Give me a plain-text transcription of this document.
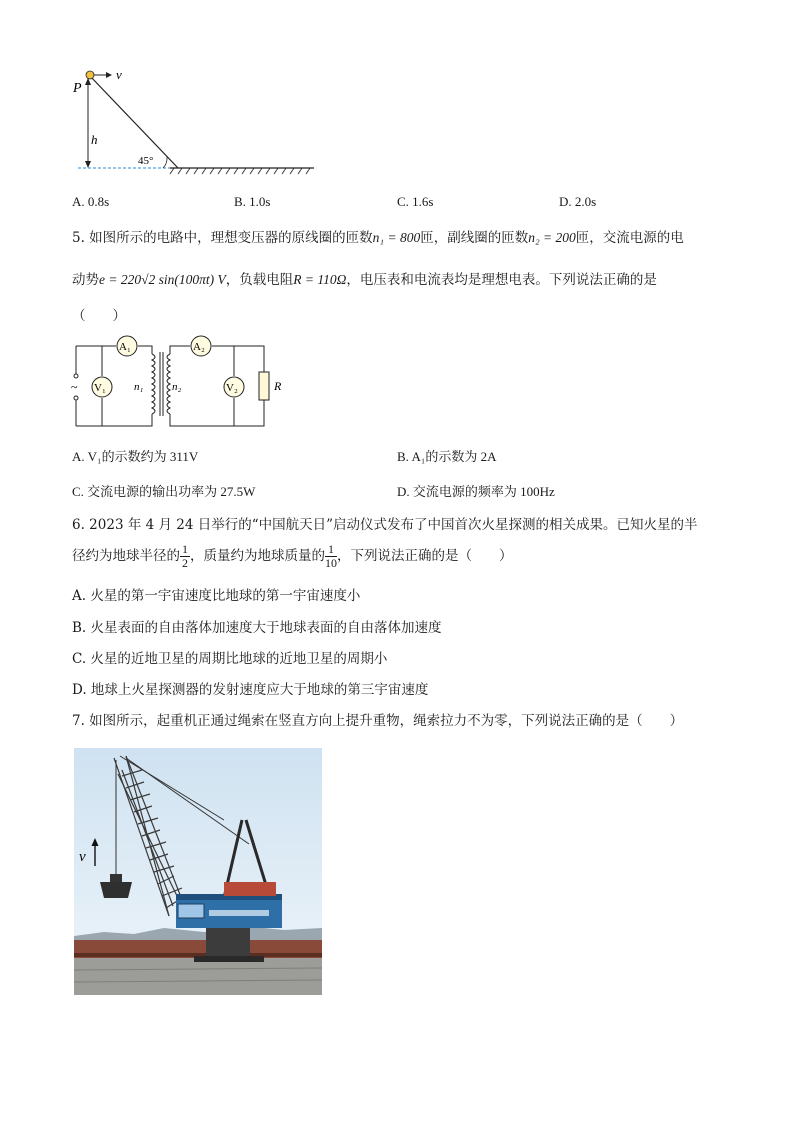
v
P
h
45°
A. 0.8s	B. 1.0s	C. 1.6s	D. 2.0s
5. 如图所示的电路中，理想变压器的原线圈的匝数n₁ = 800匝，副线圈的匝数n₂ = 200匝，交流电源的电
动势e = 220√2 sin(100πt) V，负载电阻R = 110Ω，电压表和电流表均是理想电表。下列说法正确的是
（　　）
~
A₁	A₂
V₁	V₂	R
n₁	n₂
A. V₁的示数约为 311V	B. A₁的示数为 2A
C. 交流电源的输出功率为 27.5W	D. 交流电源的频率为 100Hz
6. 2023 年 4 月 24 日举行的“中国航天日”启动仪式发布了中国首次火星探测的相关成果。已知火星的半
径约为地球半径的 $\frac{1}{2}$ ，质量约为地球质量的 $\frac{1}{10}$ ，下列说法正确的是（　　）
A. 火星的第一宇宙速度比地球的第一宇宙速度小
B. 火星表面的自由落体加速度大于地球表面的自由落体加速度
C. 火星的近地卫星的周期比地球的近地卫星的周期小
D. 地球上火星探测器的发射速度应大于地球的第三宇宙速度
7. 如图所示，起重机正通过绳索在竖直方向上提升重物，绳索拉力不为零，下列说法正确的是（　　）
v
